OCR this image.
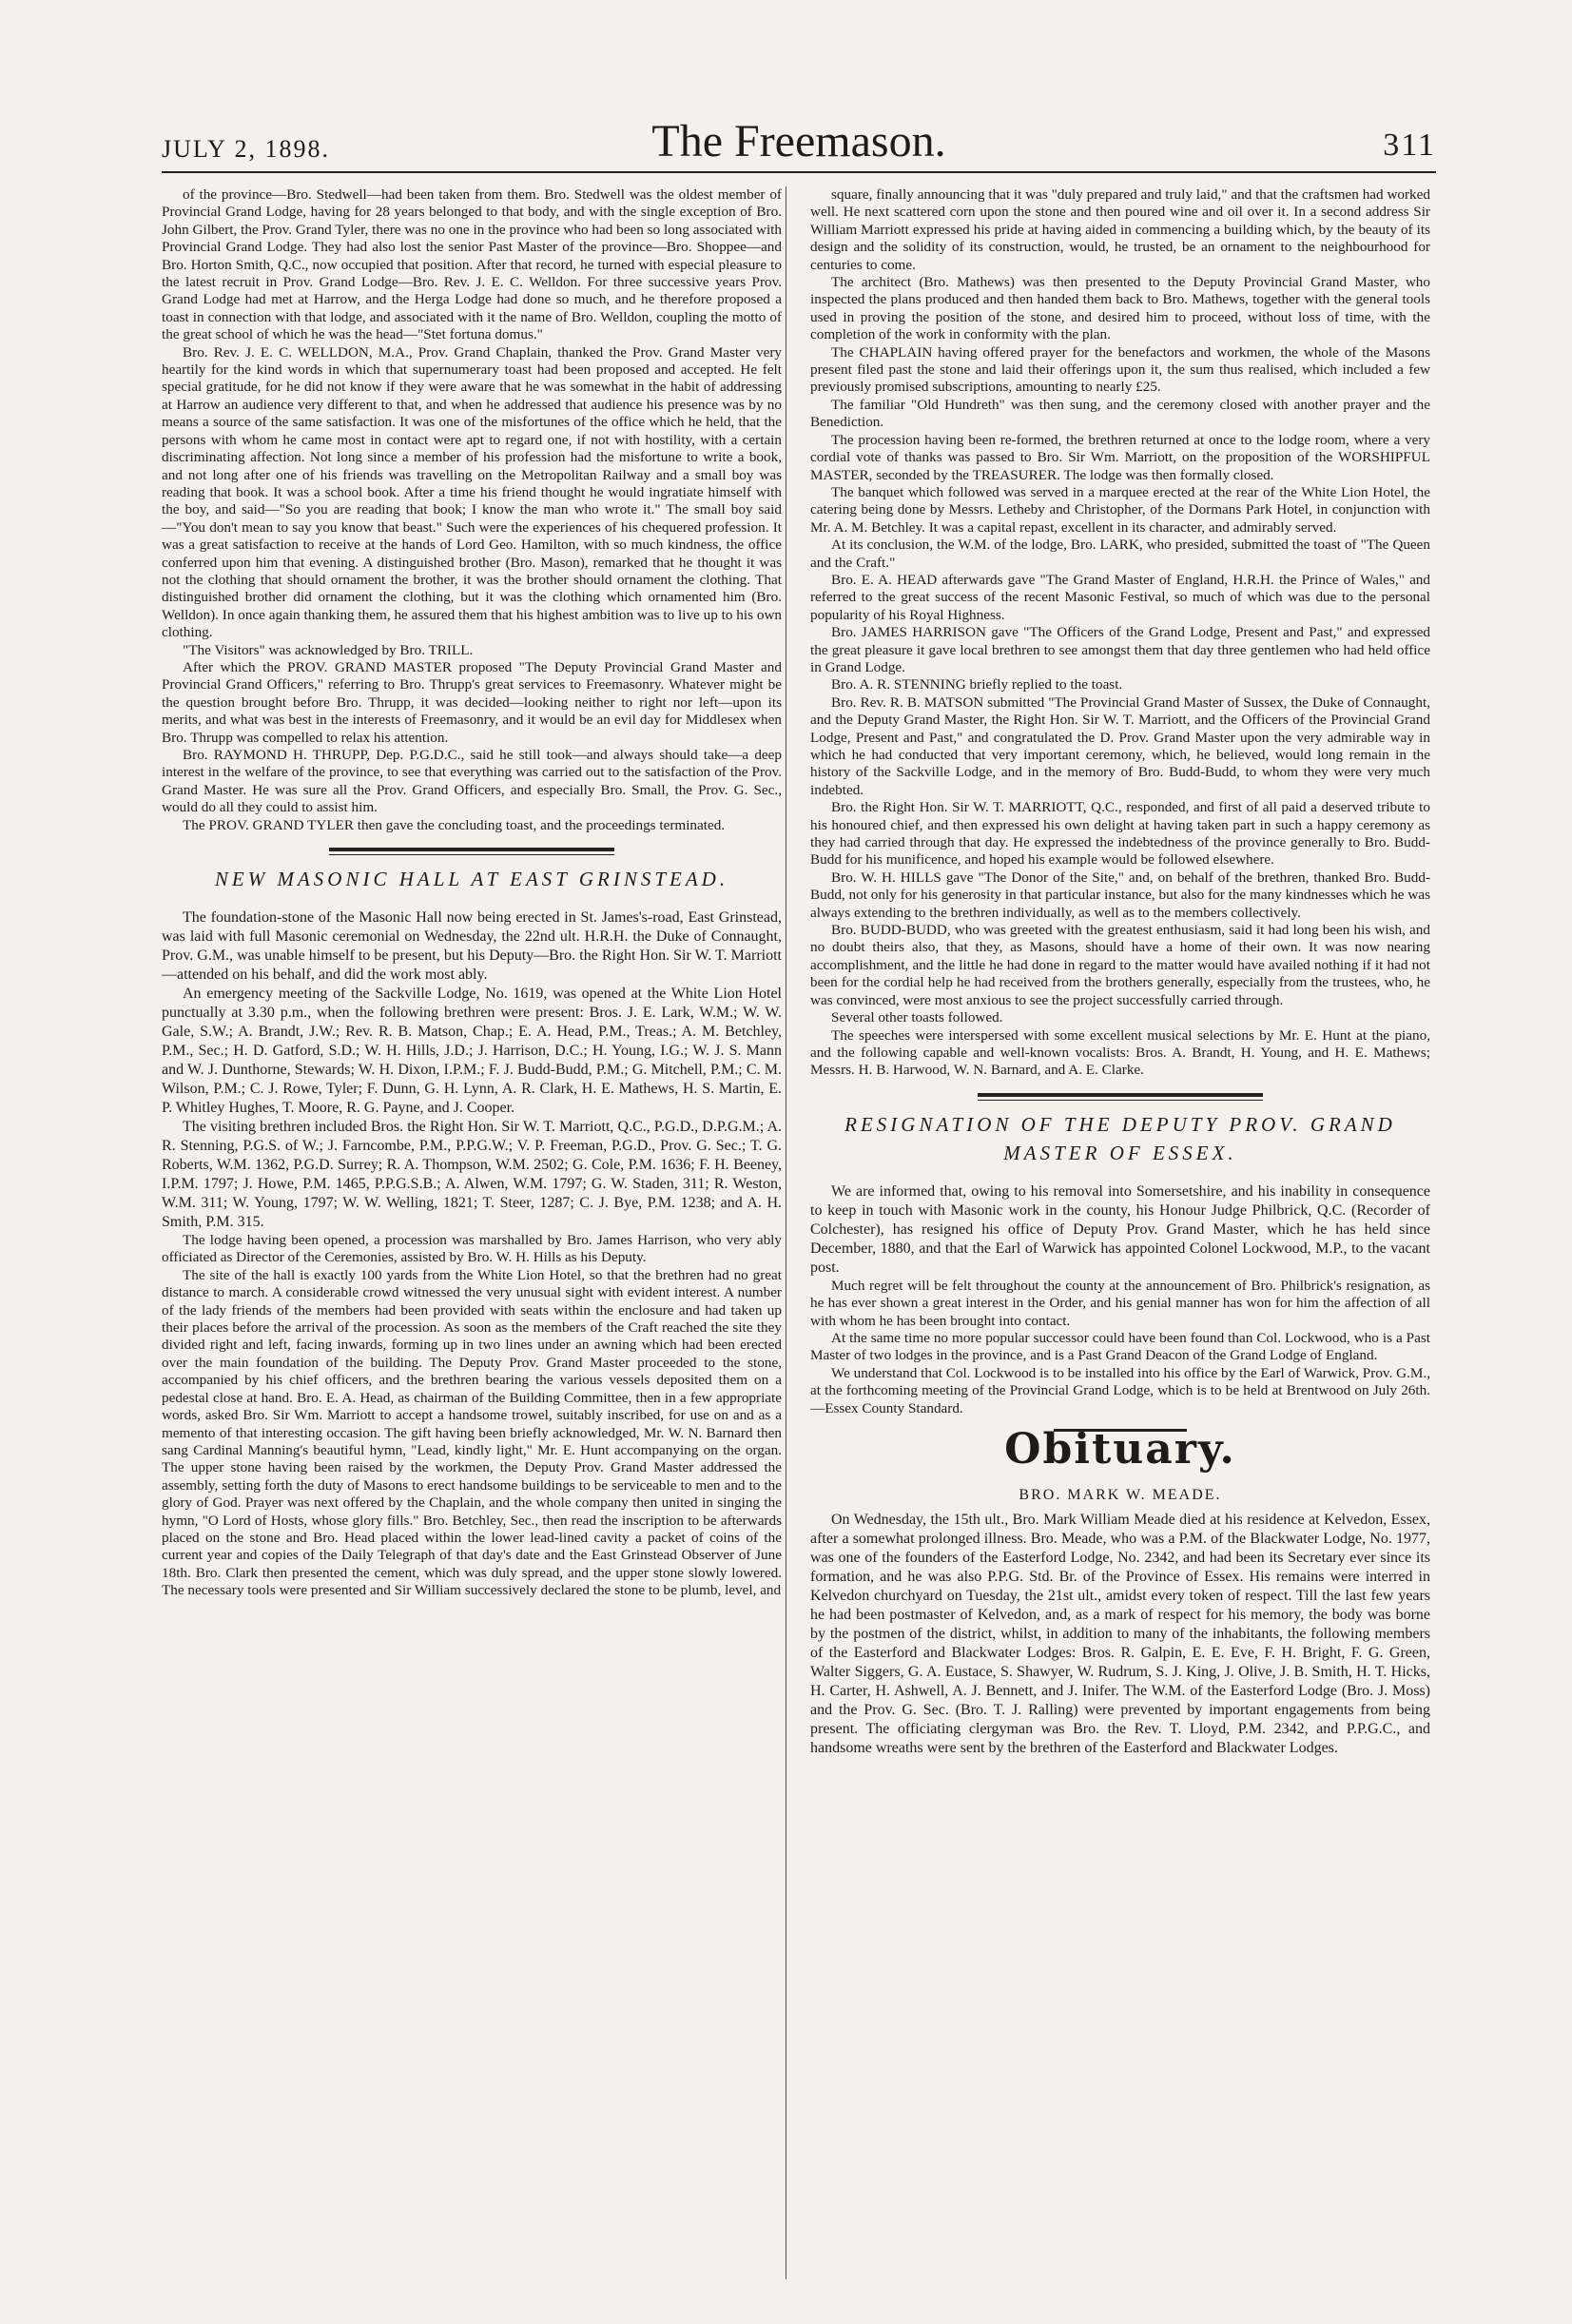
JULY 2, 1898.	The Freemason.	311

of the province—Bro. Stedwell—had been taken from them. Bro. Stedwell was the oldest member of Provincial Grand Lodge, having for 28 years belonged to that body, and with the single exception of Bro. John Gilbert, the Prov. Grand Tyler, there was no one in the province who had been so long associated with Provincial Grand Lodge. They had also lost the senior Past Master of the province—Bro. Shoppee—and Bro. Horton Smith, Q.C., now occupied that position. After that record, he turned with especial pleasure to the latest recruit in Prov. Grand Lodge—Bro. Rev. J. E. C. Welldon. For three successive years Prov. Grand Lodge had met at Harrow, and the Herga Lodge had done so much, and he therefore proposed a toast in connection with that lodge, and associated with it the name of Bro. Welldon, coupling the motto of the great school of which he was the head—"Stet fortuna domus."

Bro. Rev. J. E. C. WELLDON, M.A., Prov. Grand Chaplain, thanked the Prov. Grand Master very heartily for the kind words in which that supernumerary toast had been proposed and accepted. He felt special gratitude, for he did not know if they were aware that he was somewhat in the habit of addressing at Harrow an audience very different to that, and when he addressed that audience his presence was by no means a source of the same satisfaction. It was one of the misfortunes of the office which he held, that the persons with whom he came most in contact were apt to regard one, if not with hostility, with a certain discriminating affection. Not long since a member of his profession had the misfortune to write a book, and not long after one of his friends was travelling on the Metropolitan Railway and a small boy was reading that book. It was a school book. After a time his friend thought he would ingratiate himself with the boy, and said—"So you are reading that book; I know the man who wrote it." The small boy said—"You don't mean to say you know that beast." Such were the experiences of his chequered profession. It was a great satisfaction to receive at the hands of Lord Geo. Hamilton, with so much kindness, the office conferred upon him that evening. A distinguished brother (Bro. Mason), remarked that he thought it was not the clothing that should ornament the brother, it was the brother should ornament the clothing. That distinguished brother did ornament the clothing, but it was the clothing which ornamented him (Bro. Welldon). In once again thanking them, he assured them that his highest ambition was to live up to his own clothing.

"The Visitors" was acknowledged by Bro. TRILL.

After which the PROV. GRAND MASTER proposed "The Deputy Provincial Grand Master and Provincial Grand Officers," referring to Bro. Thrupp's great services to Freemasonry. Whatever might be the question brought before Bro. Thrupp, it was decided—looking neither to right nor left—upon its merits, and what was best in the interests of Freemasonry, and it would be an evil day for Middlesex when Bro. Thrupp was compelled to relax his attention.

Bro. RAYMOND H. THRUPP, Dep. P.G.D.C., said he still took—and always should take—a deep interest in the welfare of the province, to see that everything was carried out to the satisfaction of the Prov. Grand Master. He was sure all the Prov. Grand Officers, and especially Bro. Small, the Prov. G. Sec., would do all they could to assist him.

The PROV. GRAND TYLER then gave the concluding toast, and the proceedings terminated.

NEW MASONIC HALL AT EAST GRINSTEAD.

The foundation-stone of the Masonic Hall now being erected in St. James's-road, East Grinstead, was laid with full Masonic ceremonial on Wednesday, the 22nd ult. H.R.H. the Duke of Connaught, Prov. G.M., was unable himself to be present, but his Deputy—Bro. the Right Hon. Sir W. T. Marriott—attended on his behalf, and did the work most ably.

An emergency meeting of the Sackville Lodge, No. 1619, was opened at the White Lion Hotel punctually at 3.30 p.m., when the following brethren were present: Bros. J. E. Lark, W.M.; W. W. Gale, S.W.; A. Brandt, J.W.; Rev. R. B. Matson, Chap.; E. A. Head, P.M., Treas.; A. M. Betchley, P.M., Sec.; H. D. Gatford, S.D.; W. H. Hills, J.D.; J. Harrison, D.C.; H. Young, I.G.; W. J. S. Mann and W. J. Dunthorne, Stewards; W. H. Dixon, I.P.M.; F. J. Budd-Budd, P.M.; G. Mitchell, P.M.; C. M. Wilson, P.M.; C. J. Rowe, Tyler; F. Dunn, G. H. Lynn, A. R. Clark, H. E. Mathews, H. S. Martin, E. P. Whitley Hughes, T. Moore, R. G. Payne, and J. Cooper.

The visiting brethren included Bros. the Right Hon. Sir W. T. Marriott, Q.C., P.G.D., D.P.G.M.; A. R. Stenning, P.G.S. of W.; J. Farncombe, P.M., P.P.G.W.; V. P. Freeman, P.G.D., Prov. G. Sec.; T. G. Roberts, W.M. 1362, P.G.D. Surrey; R. A. Thompson, W.M. 2502; G. Cole, P.M. 1636; F. H. Beeney, I.P.M. 1797; J. Howe, P.M. 1465, P.P.G.S.B.; A. Alwen, W.M. 1797; G. W. Staden, 311; R. Weston, W.M. 311; W. Young, 1797; W. W. Welling, 1821; T. Steer, 1287; C. J. Bye, P.M. 1238; and A. H. Smith, P.M. 315.

The lodge having been opened, a procession was marshalled by Bro. James Harrison, who very ably officiated as Director of the Ceremonies, assisted by Bro. W. H. Hills as his Deputy.

The site of the hall is exactly 100 yards from the White Lion Hotel, so that the brethren had no great distance to march. A considerable crowd witnessed the very unusual sight with evident interest. A number of the lady friends of the members had been provided with seats within the enclosure and had taken up their places before the arrival of the procession. As soon as the members of the Craft reached the site they divided right and left, facing inwards, forming up in two lines under an awning which had been erected over the main foundation of the building. The Deputy Prov. Grand Master proceeded to the stone, accompanied by his chief officers, and the brethren bearing the various vessels deposited them on a pedestal close at hand. Bro. E. A. Head, as chairman of the Building Committee, then in a few appropriate words, asked Bro. Sir Wm. Marriott to accept a handsome trowel, suitably inscribed, for use on and as a memento of that interesting occasion. The gift having been briefly acknowledged, Mr. W. N. Barnard then sang Cardinal Manning's beautiful hymn, "Lead, kindly light," Mr. E. Hunt accompanying on the organ. The upper stone having been raised by the workmen, the Deputy Prov. Grand Master addressed the assembly, setting forth the duty of Masons to erect handsome buildings to be serviceable to men and to the glory of God. Prayer was next offered by the Chaplain, and the whole company then united in singing the hymn, "O Lord of Hosts, whose glory fills." Bro. Betchley, Sec., then read the inscription to be afterwards placed on the stone and Bro. Head placed within the lower lead-lined cavity a packet of coins of the current year and copies of the Daily Telegraph of that day's date and the East Grinstead Observer of June 18th. Bro. Clark then presented the cement, which was duly spread, and the upper stone slowly lowered. The necessary tools were presented and Sir William successively declared the stone to be plumb, level, and

square, finally announcing that it was "duly prepared and truly laid," and that the craftsmen had worked well. He next scattered corn upon the stone and then poured wine and oil over it. In a second address Sir William Marriott expressed his pride at having aided in commencing a building which, by the beauty of its design and the solidity of its construction, would, he trusted, be an ornament to the neighbourhood for centuries to come.

The architect (Bro. Mathews) was then presented to the Deputy Provincial Grand Master, who inspected the plans produced and then handed them back to Bro. Mathews, together with the general tools used in proving the position of the stone, and desired him to proceed, without loss of time, with the completion of the work in conformity with the plan.

The CHAPLAIN having offered prayer for the benefactors and workmen, the whole of the Masons present filed past the stone and laid their offerings upon it, the sum thus realised, which included a few previously promised subscriptions, amounting to nearly £25.

The familiar "Old Hundreth" was then sung, and the ceremony closed with another prayer and the Benediction.

The procession having been re-formed, the brethren returned at once to the lodge room, where a very cordial vote of thanks was passed to Bro. Sir Wm. Marriott, on the proposition of the WORSHIPFUL MASTER, seconded by the TREASURER. The lodge was then formally closed.

The banquet which followed was served in a marquee erected at the rear of the White Lion Hotel, the catering being done by Messrs. Letheby and Christopher, of the Dormans Park Hotel, in conjunction with Mr. A. M. Betchley. It was a capital repast, excellent in its character, and admirably served.

At its conclusion, the W.M. of the lodge, Bro. LARK, who presided, submitted the toast of "The Queen and the Craft."

Bro. E. A. HEAD afterwards gave "The Grand Master of England, H.R.H. the Prince of Wales," and referred to the great success of the recent Masonic Festival, so much of which was due to the personal popularity of his Royal Highness.

Bro. JAMES HARRISON gave "The Officers of the Grand Lodge, Present and Past," and expressed the great pleasure it gave local brethren to see amongst them that day three gentlemen who had held office in Grand Lodge.

Bro. A. R. STENNING briefly replied to the toast.

Bro. Rev. R. B. MATSON submitted "The Provincial Grand Master of Sussex, the Duke of Connaught, and the Deputy Grand Master, the Right Hon. Sir W. T. Marriott, and the Officers of the Provincial Grand Lodge, Present and Past," and congratulated the D. Prov. Grand Master upon the very admirable way in which he had conducted that very important ceremony, which, he believed, would long remain in the history of the Sackville Lodge, and in the memory of Bro. Budd-Budd, to whom they were very much indebted.

Bro. the Right Hon. Sir W. T. MARRIOTT, Q.C., responded, and first of all paid a deserved tribute to his honoured chief, and then expressed his own delight at having taken part in such a happy ceremony as they had carried through that day. He expressed the indebtedness of the province generally to Bro. Budd-Budd for his munificence, and hoped his example would be followed elsewhere.

Bro. W. H. HILLS gave "The Donor of the Site," and, on behalf of the brethren, thanked Bro. Budd-Budd, not only for his generosity in that particular instance, but also for the many kindnesses which he was always extending to the brethren individually, as well as to the members collectively.

Bro. BUDD-BUDD, who was greeted with the greatest enthusiasm, said it had long been his wish, and no doubt theirs also, that they, as Masons, should have a home of their own. It was now nearing accomplishment, and the little he had done in regard to the matter would have availed nothing if it had not been for the cordial help he had received from the brothers generally, especially from the trustees, who, he was convinced, were most anxious to see the project successfully carried through.

Several other toasts followed.

The speeches were interspersed with some excellent musical selections by Mr. E. Hunt at the piano, and the following capable and well-known vocalists: Bros. A. Brandt, H. Young, and H. E. Mathews; Messrs. H. B. Harwood, W. N. Barnard, and A. E. Clarke.

RESIGNATION OF THE DEPUTY PROV. GRAND MASTER OF ESSEX.

We are informed that, owing to his removal into Somersetshire, and his inability in consequence to keep in touch with Masonic work in the county, his Honour Judge Philbrick, Q.C. (Recorder of Colchester), has resigned his office of Deputy Prov. Grand Master, which he has held since December, 1880, and that the Earl of Warwick has appointed Colonel Lockwood, M.P., to the vacant post.

Much regret will be felt throughout the county at the announcement of Bro. Philbrick's resignation, as he has ever shown a great interest in the Order, and his genial manner has won for him the affection of all with whom he has been brought into contact.

At the same time no more popular successor could have been found than Col. Lockwood, who is a Past Master of two lodges in the province, and is a Past Grand Deacon of the Grand Lodge of England.

We understand that Col. Lockwood is to be installed into his office by the Earl of Warwick, Prov. G.M., at the forthcoming meeting of the Provincial Grand Lodge, which is to be held at Brentwood on July 26th.—Essex County Standard.

Obituary.
BRO. MARK W. MEADE.

On Wednesday, the 15th ult., Bro. Mark William Meade died at his residence at Kelvedon, Essex, after a somewhat prolonged illness. Bro. Meade, who was a P.M. of the Blackwater Lodge, No. 1977, was one of the founders of the Easterford Lodge, No. 2342, and had been its Secretary ever since its formation, and he was also P.P.G. Std. Br. of the Province of Essex. His remains were interred in Kelvedon churchyard on Tuesday, the 21st ult., amidst every token of respect. Till the last few years he had been postmaster of Kelvedon, and, as a mark of respect for his memory, the body was borne by the postmen of the district, whilst, in addition to many of the inhabitants, the following members of the Easterford and Blackwater Lodges: Bros. R. Galpin, E. E. Eve, F. H. Bright, F. G. Green, Walter Siggers, G. A. Eustace, S. Shawyer, W. Rudrum, S. J. King, J. Olive, J. B. Smith, H. T. Hicks, H. Carter, H. Ashwell, A. J. Bennett, and J. Inifer. The W.M. of the Easterford Lodge (Bro. J. Moss) and the Prov. G. Sec. (Bro. T. J. Ralling) were prevented by important engagements from being present. The officiating clergyman was Bro. the Rev. T. Lloyd, P.M. 2342, and P.P.G.C., and handsome wreaths were sent by the brethren of the Easterford and Blackwater Lodges.
